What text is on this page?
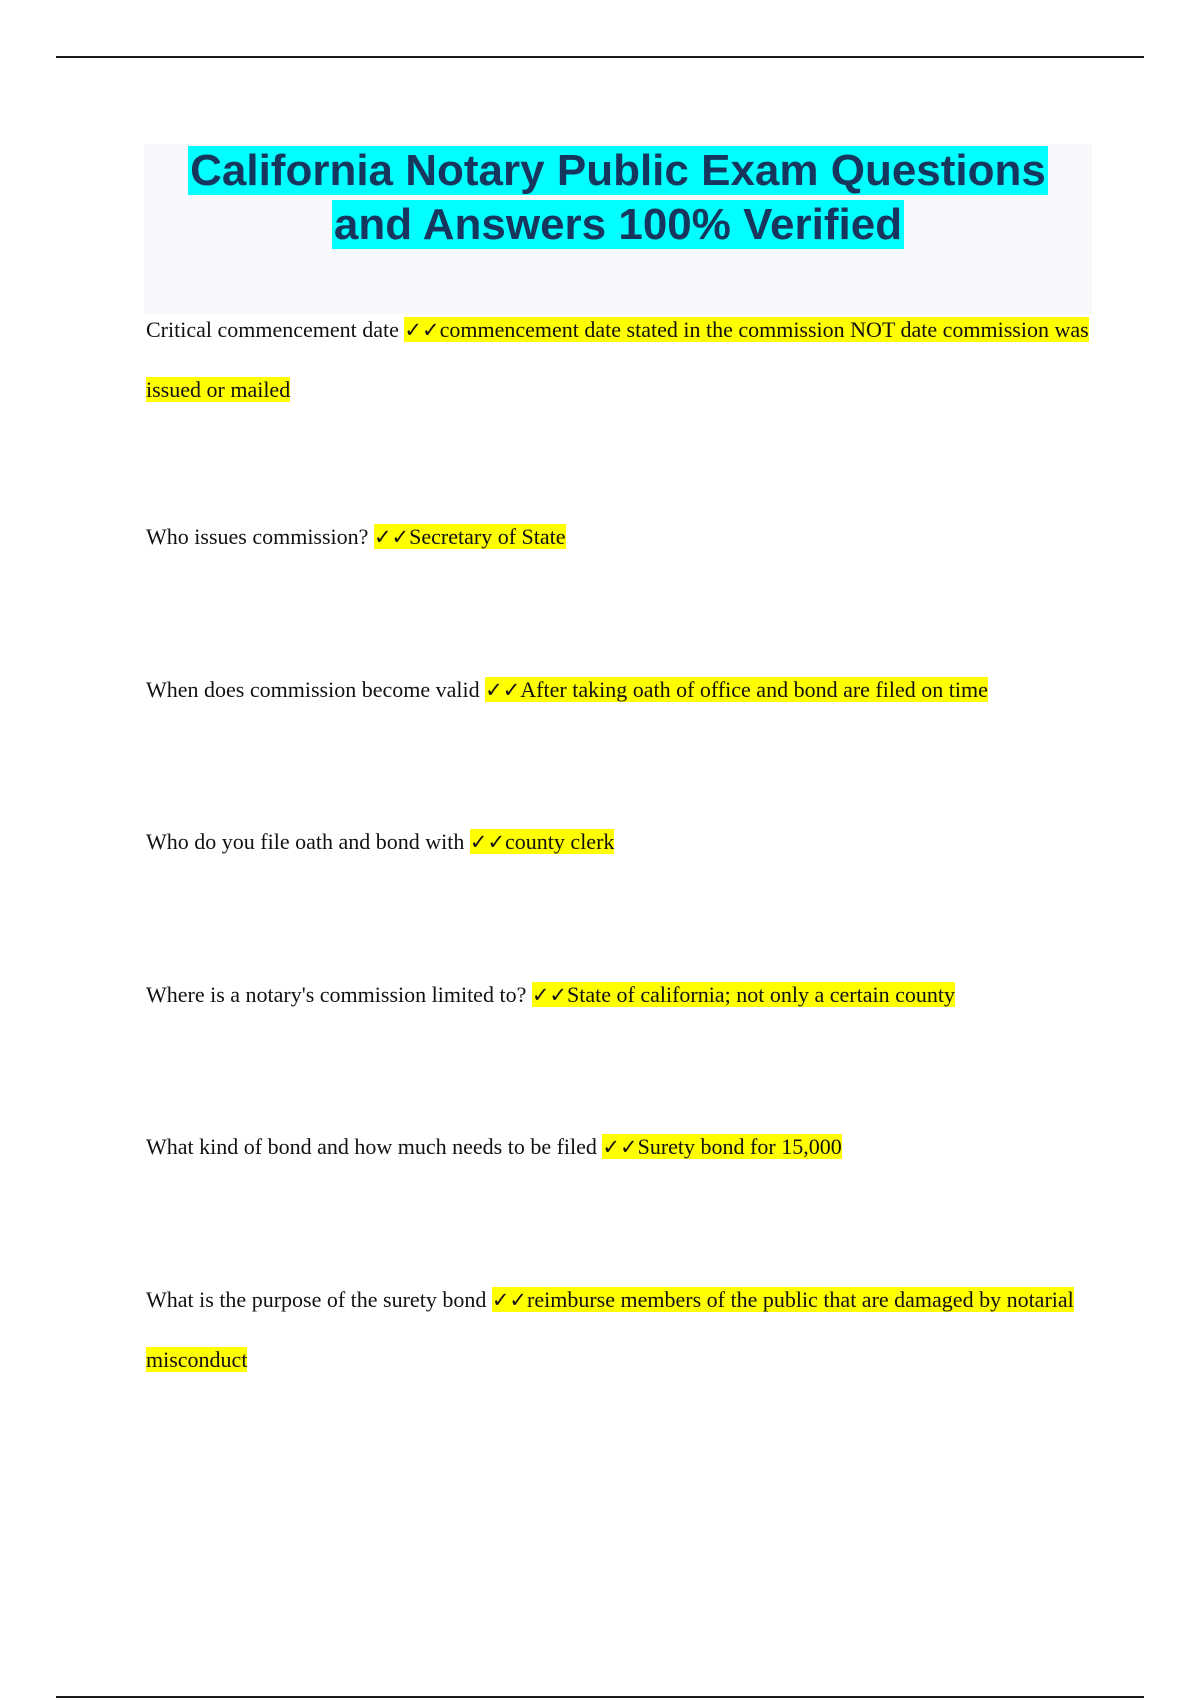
California Notary Public Exam Questions

and Answers 100% Verified

Critical commencement date ✓✓commencement date stated in the commission NOT date commission was issued or mailed
Who issues commission? ✓✓Secretary of State
When does commission become valid ✓✓After taking oath of office and bond are filed on time
Who do you file oath and bond with ✓✓county clerk
Where is a notary's commission limited to? ✓✓State of california; not only a certain county
What kind of bond and how much needs to be filed ✓✓Surety bond for 15,000
What is the purpose of the surety bond ✓✓reimburse members of the public that are damaged by notarial misconduct
